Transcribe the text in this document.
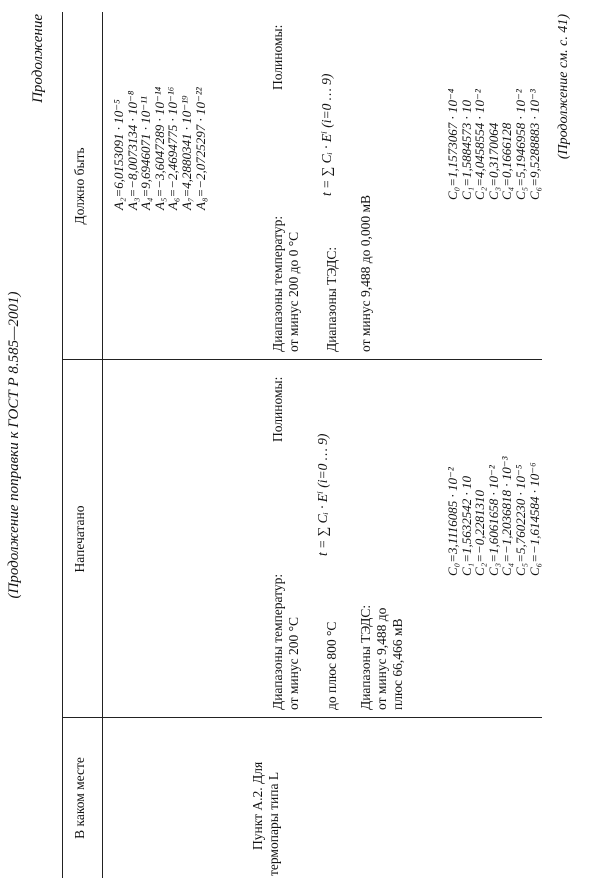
(Продолжение поправки к ГОСТ Р 8.585—2001)
Продолжение
В каком месте
Напечатано
Должно быть A₂=6,0153091 · 10⁻⁵
A₃=−8,0073134 · 10⁻⁸
A₄=9,6946071 · 10⁻¹¹
A₅=−3,6047289 · 10⁻¹⁴
A₆=−2,4694775 · 10⁻¹⁶
A₇=4,2880341 · 10⁻¹⁹
A₈=−2,0725297 · 10⁻²²
Пункт А.2. Для термопары типа L
Диапазоны температур:
Полиномы:
от минус 200 °C до плюс 800 °C
t = ∑ Cᵢ · Eⁱ (i=0 … 9)
Диапазоны ТЭДС: от минус 9,488 до плюс 66,466 мВ
C₀=3,1116085 · 10⁻²
C₁=1,5632542 · 10
C₂=−0,2281310
C₃=1,6061658 · 10⁻²
C₄=−1,2036818 · 10⁻³
C₅=5,7602230 · 10⁻⁵
C₆=−1,614584 · 10⁻⁶
Диапазоны температур:
Полиномы:
от минус 200 до 0 °C Диапазоны ТЭДС:
t = ∑ Cᵢ · Eⁱ (i=0 … 9)
от минус 9,488 до 0,000 мВ
C₀=1,1573067 · 10⁻⁴
C₁=1,5884573 · 10
C₂=4,0458554 · 10⁻²
C₃=0,3170064
C₄=0,1666128
C₅=5,1946958 · 10⁻²
C₆=9,5288883 · 10⁻³ (Продолжение см. с. 41)
